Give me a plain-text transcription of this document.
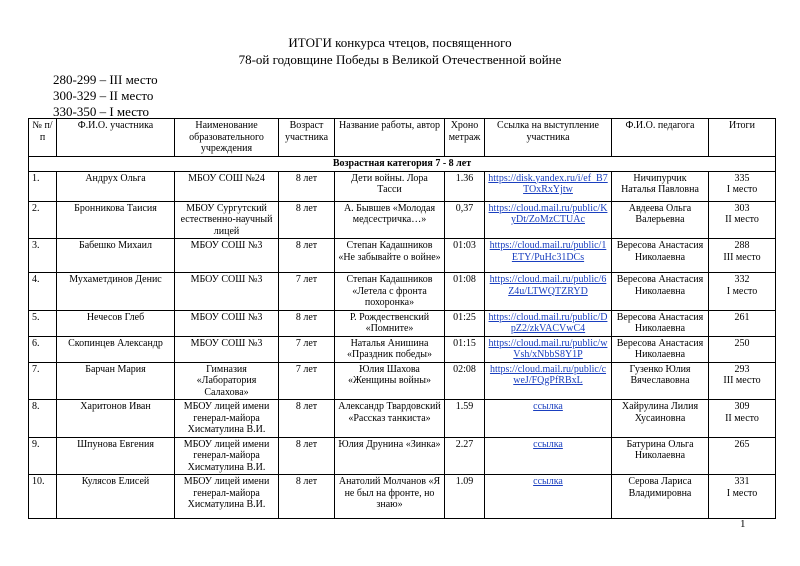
ИТОГИ конкурса чтецов, посвященного
78-ой годовщине Победы в Великой Отечественной войне
280-299 – III место
300-329 – II место
330-350 – I место
№ п/п	Ф.И.О. участника	Наименование образовательного учреждения	Возраст участника	Название работы, автор	Хроно метраж	Ссылка на выступление участника	Ф.И.О. педагога	Итоги
Возрастная категория 7 - 8 лет								
1.	Андрух Ольга	МБОУ СОШ №24	8 лет	Дети войны. Лора Тасси	1.36	https://disk.yandex.ru/i/ef_B7TOxRxYjtw	Ничипурчик Наталья Павловна	335
I место

2.	Бронникова Таисия	МБОУ Сургутский естественно-научный лицей	8 лет	А. Бывшев «Молодая медсестричка…»	0,37	https://cloud.mail.ru/public/KyDt/ZoMzCTUAc	Авдеева Ольга Валерьевна	303
II место

3.	Бабешко Михаил	МБОУ СОШ №3	8 лет	Степан Кадашников «Не забывайте о войне»	01:03	https://cloud.mail.ru/public/1ETY/PuHc31DCs	Вересова Анастасия Николаевна	288
III место

4.	Мухаметдинов Денис	МБОУ СОШ №3	7 лет	Степан Кадашников «Летела с фронта похоронка»	01:08	https://cloud.mail.ru/public/6Z4u/LTWQTZRYD	Вересова Анастасия Николаевна	332
I место

5.	Нечесов Глеб	МБОУ СОШ №3	8 лет	Р. Рождественский «Помните»	01:25	https://cloud.mail.ru/public/DpZ2/zkVACVwC4	Вересова Анастасия Николаевна	261

6.	Скопинцев Александр	МБОУ СОШ №3	7 лет	Наталья Анишина «Праздник победы»	01:15	https://cloud.mail.ru/public/wVsh/xNbbS8Y1P	Вересова Анастасия Николаевна	250

7.	Барчан Мария	Гимназия «Лаборатория Салахова»	7 лет	Юлия Шахова «Женщины войны»	02:08	https://cloud.mail.ru/public/cweJ/FQgPfRBxL	Гузенко Юлия Вячеславовна	293
III место

8.	Харитонов Иван	МБОУ лицей имени генерал-майора Хисматулина В.И.	8 лет	Александр Твардовский «Рассказ танкиста»	1.59	ссылка	Хайрулина Лилия Хусаиновна	309
II место

9.	Шпунова Евгения	МБОУ лицей имени генерал-майора Хисматулина В.И.	8 лет	Юлия Друнина «Зинка»	2.27	ссылка	Батурина Ольга Николаевна	265

10.	Кулясов Елисей	МБОУ лицей имени генерал-майора Хисматулина В.И.	8 лет	Анатолий Молчанов «Я не был на фронте, но знаю»	1.09	ссылка	Серова Лариса Владимировна	331
I место
1
